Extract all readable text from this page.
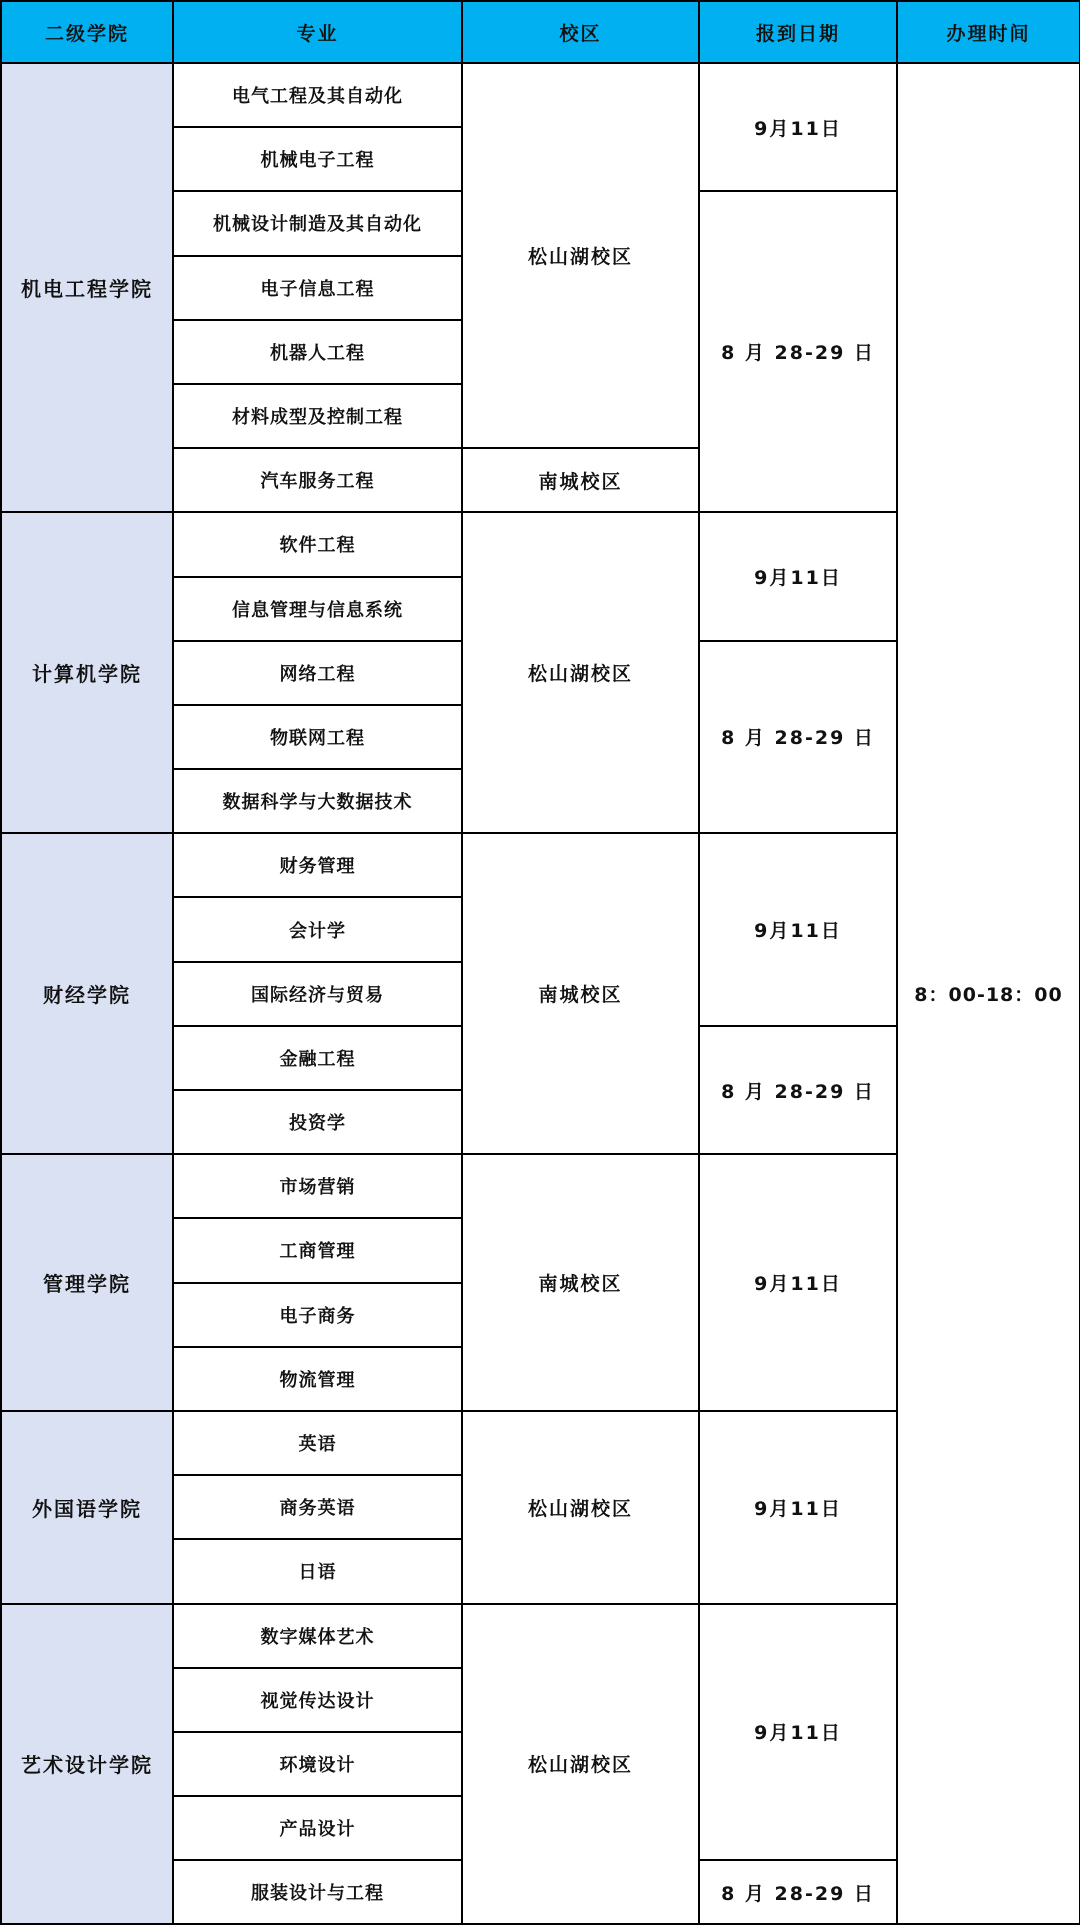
二级学院	专业	校区	报到日期	办理时间
机电工程学院	电气工程及其自动化	松山湖校区	9月11日	8：00-18：00
	机械电子工程			
	机械设计制造及其自动化		8 月 28-29 日	
	电子信息工程			
	机器人工程			
	材料成型及控制工程			
	汽车服务工程	南城校区		
计算机学院	软件工程	松山湖校区	9月11日	
	信息管理与信息系统			
	网络工程		8 月 28-29 日	
	物联网工程			
	数据科学与大数据技术			
财经学院	财务管理	南城校区	9月11日	
	会计学			
	国际经济与贸易			
	金融工程		8 月 28-29 日	
	投资学			
管理学院	市场营销	南城校区	9月11日	
	工商管理			
	电子商务			
	物流管理			
外国语学院	英语	松山湖校区	9月11日	
	商务英语			
	日语			
艺术设计学院	数字媒体艺术	松山湖校区	9月11日	
	视觉传达设计			
	环境设计			
	产品设计			
	服装设计与工程		8 月 28-29 日	
